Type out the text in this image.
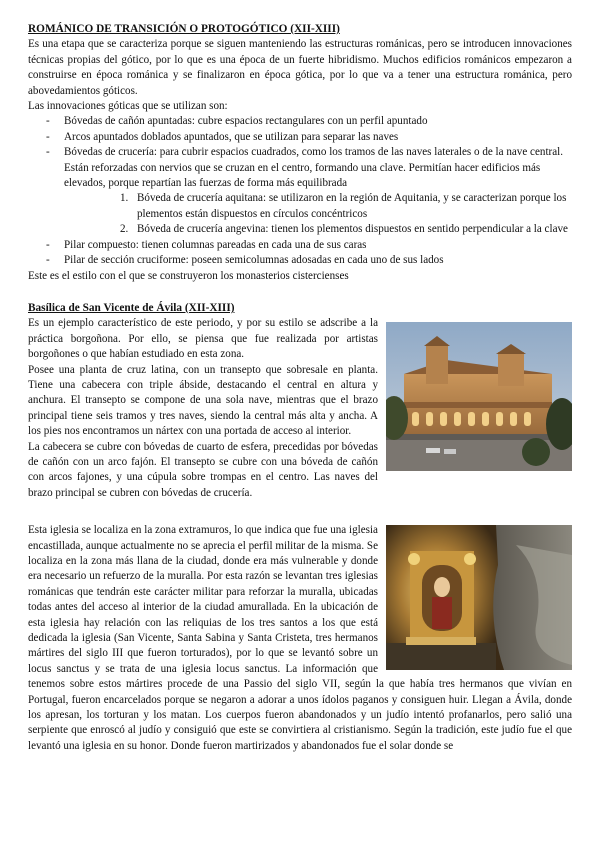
ROMÁNICO DE TRANSICIÓN O PROTOGÓTICO (XII-XIII)

Es una etapa que se caracteriza porque se siguen manteniendo las estructuras románicas, pero se introducen innovaciones técnicas propias del gótico, por lo que es una época de un fuerte hibridismo. Muchos edificios románicos empezaron a construirse en época románica y se finalizaron en época gótica, por lo que va a tener una estructura románica, pero abovedamientos góticos.

Las innovaciones góticas que se utilizan son:

- Bóvedas de cañón apuntadas: cubre espacios rectangulares con un perfil apuntado
- Arcos apuntados doblados apuntados, que se utilizan para separar las naves
- Bóvedas de crucería: para cubrir espacios cuadrados, como los tramos de las naves laterales o de la nave central. Están reforzadas con nervios que se cruzan en el centro, formando una clave. Permitían hacer edificios más elevados, porque repartían las fuerzas de forma más equilibrada
1. Bóveda de crucería aquitana: se utilizaron en la región de Aquitania, y se caracterizan porque los plementos están dispuestos en círculos concéntricos
2. Bóveda de crucería angevina: tienen los plementos dispuestos en sentido perpendicular a la clave
- Pilar compuesto: tienen columnas pareadas en cada una de sus caras
- Pilar de sección cruciforme: poseen semicolumnas adosadas en cada uno de sus lados

Este es el estilo con el que se construyeron los monasterios cistercienses

Basílica de San Vicente de Ávila (XII-XIII)

Es un ejemplo característico de este periodo, y por su estilo se adscribe a la práctica borgoñona. Por ello, se piensa que fue realizada por artistas borgoñones o que habían estudiado en esta zona.

Posee una planta de cruz latina, con un transepto que sobresale en planta. Tiene una cabecera con triple ábside, destacando el central en altura y anchura. El transepto se compone de una sola nave, mientras que el brazo principal tiene seis tramos y tres naves, siendo la central más alta y ancha. A los pies nos encontramos un nártex con una portada de acceso al interior.

La cabecera se cubre con bóvedas de cuarto de esfera, precedidas por bóvedas de cañón con un arco fajón. El transepto se cubre con una bóveda de cañón con arcos fajones, y una cúpula sobre trompas en el centro. Las naves del brazo principal se cubren con bóvedas de crucería.

Esta iglesia se localiza en la zona extramuros, lo que indica que fue una iglesia encastillada, aunque actualmente no se aprecia el perfil militar de la misma. Se localiza en la zona más llana de la ciudad, donde era más vulnerable y donde era necesario un refuerzo de la muralla. Por esta razón se levantan tres iglesias románicas que tendrán este carácter militar para reforzar la muralla, ubicadas todas antes del acceso al interior de la ciudad amurallada. En la ubicación de esta iglesia hay relación con las reliquias de los tres santos a los que está dedicada la iglesia (San Vicente, Santa Sabina y Santa Cristeta, tres hermanos mártires del siglo III que fueron torturados), por lo que se levantó sobre un locus sanctus y se trata de una iglesia locus sanctus. La información que tenemos sobre estos mártires procede de una Passio del siglo VII, según la que había tres hermanos que vivían en Portugal, fueron encarcelados porque se negaron a adorar a unos ídolos paganos y consiguen huir. Llegan a Ávila, donde los apresan, los torturan y los matan. Los cuerpos fueron abandonados y un judío intentó profanarlos, pero salió una serpiente que enroscó al judío y consiguió que este se convirtiera al cristianismo. Según la tradición, este judío fue el que levantó una iglesia en su honor. Donde fueron martirizados y abandonados fue el solar donde se
